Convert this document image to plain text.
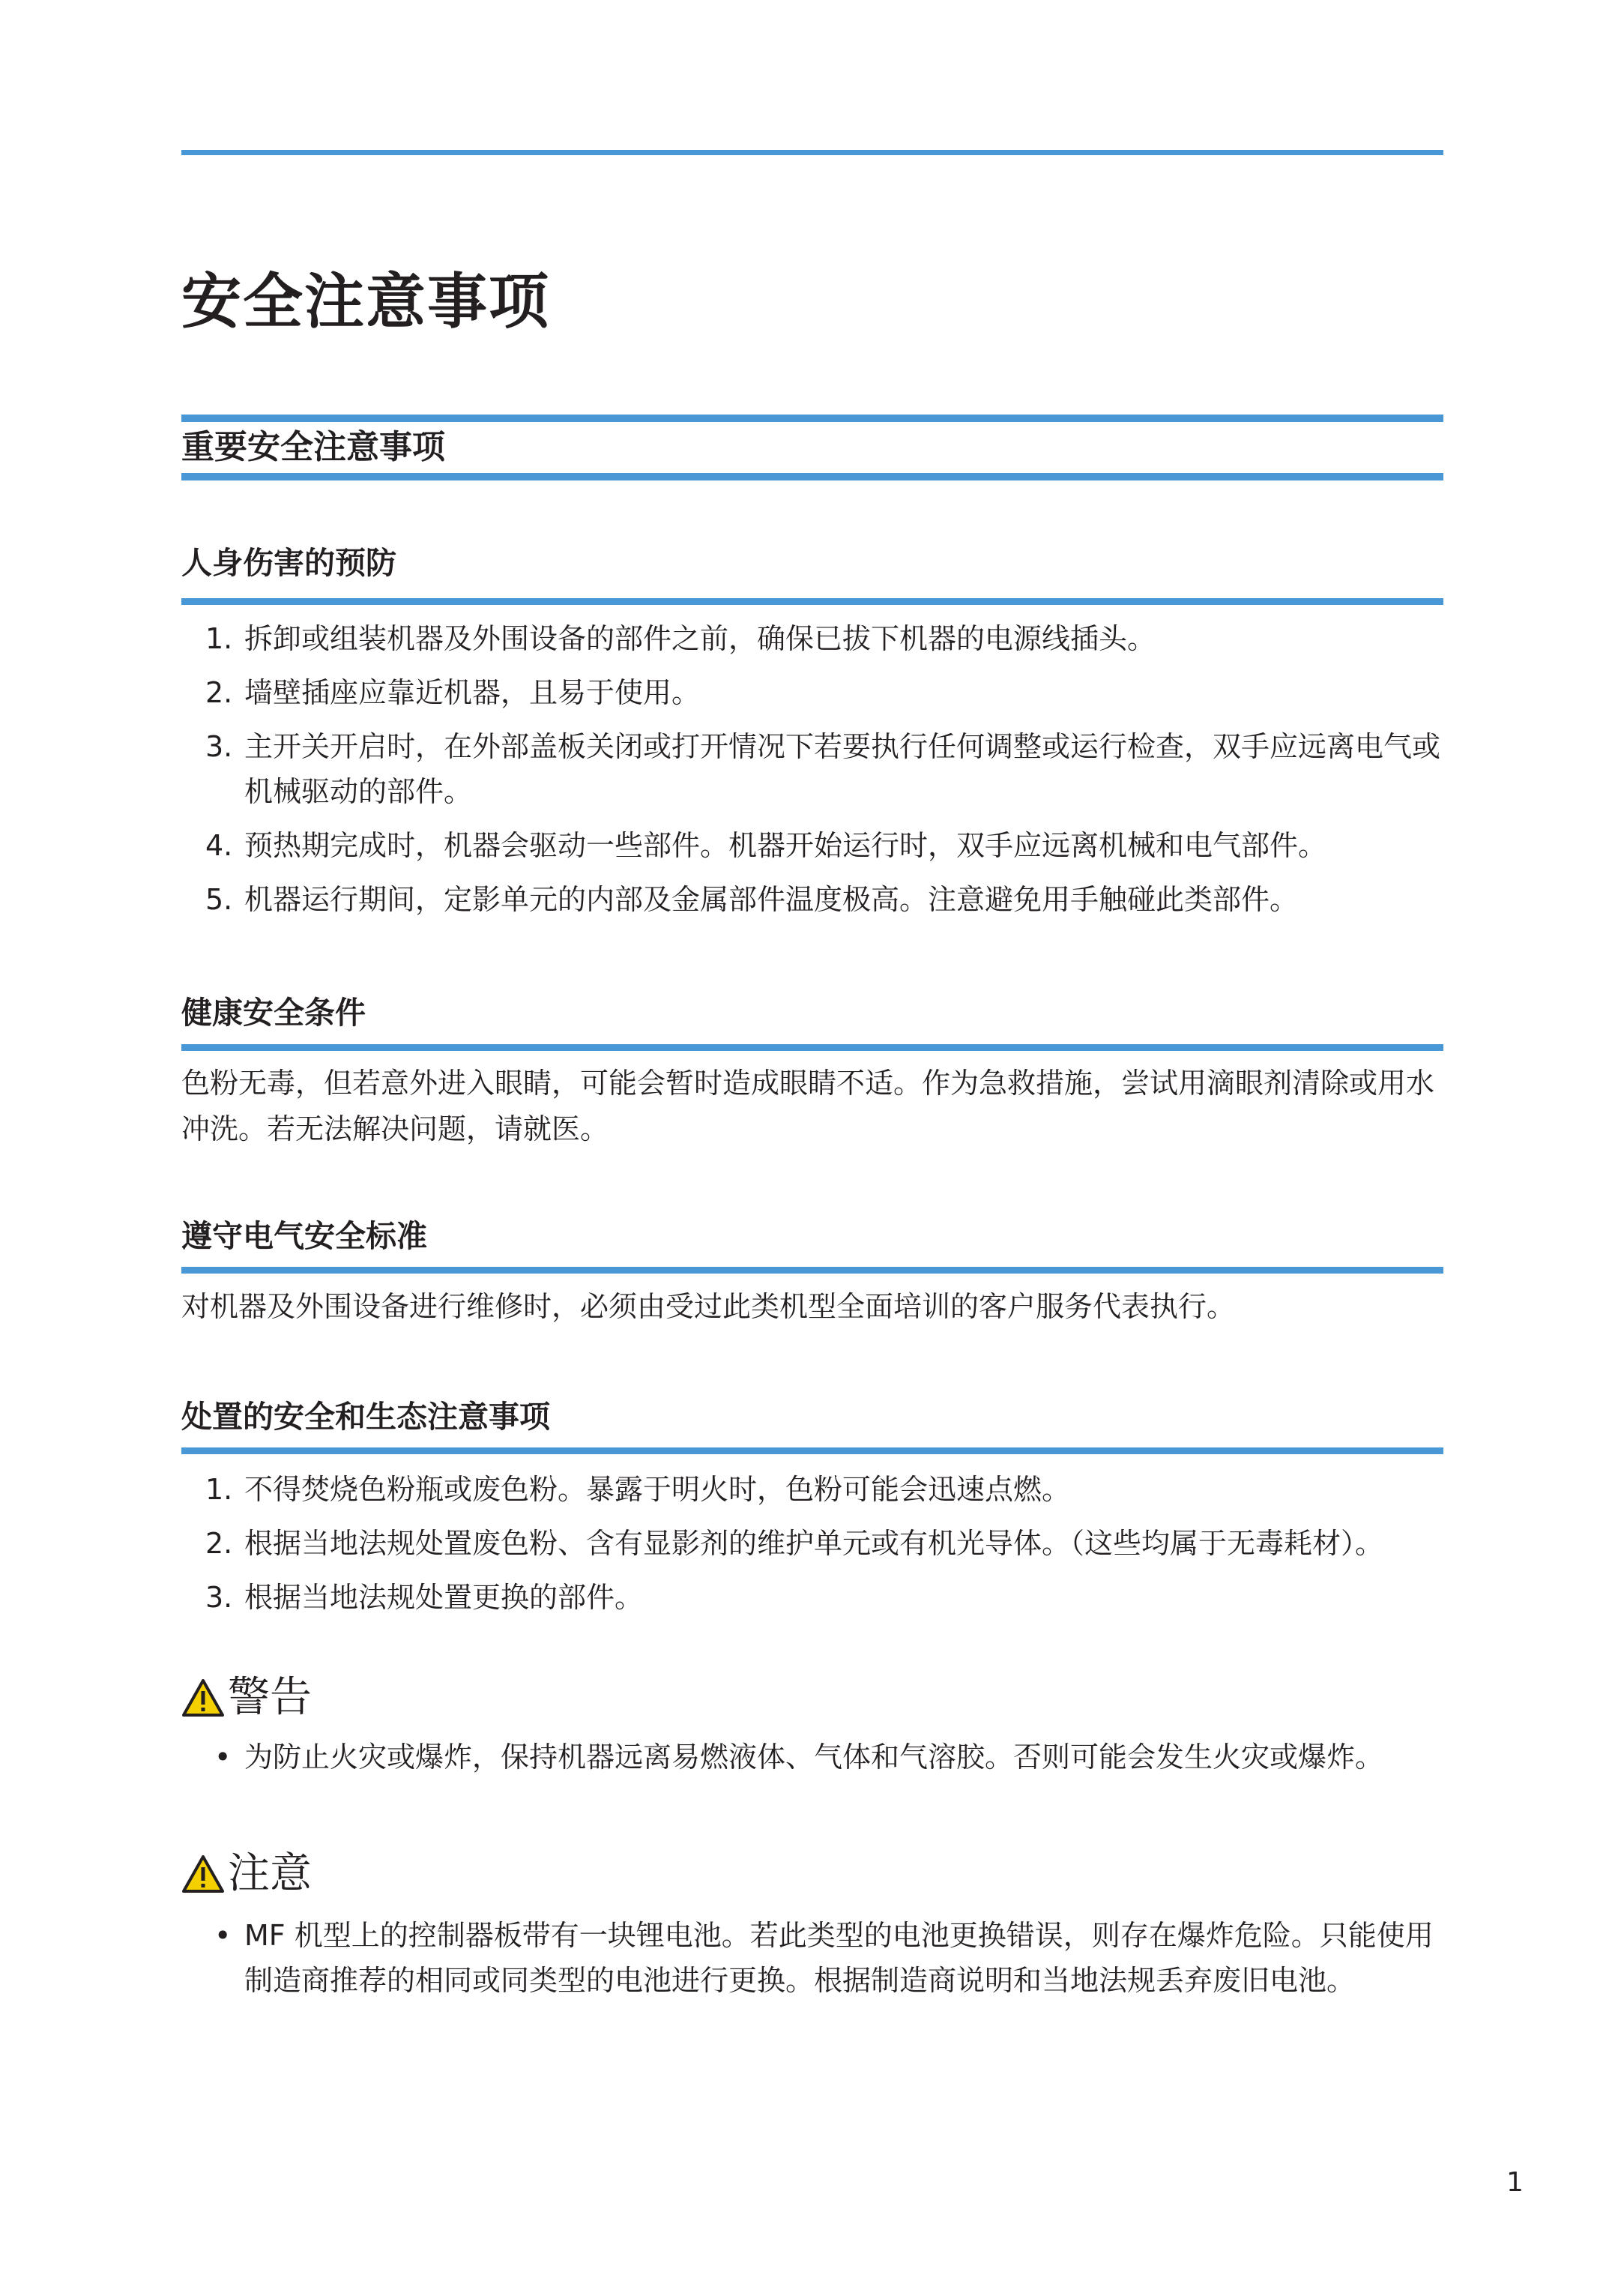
安全注意事项
重要安全注意事项
人身伤害的预防
1. 拆卸或组装机器及外围设备的部件之前，确保已拔下机器的电源线插头。
2. 墙壁插座应靠近机器，且易于使用。
3. 主开关开启时，在外部盖板关闭或打开情况下若要执行任何调整或运行检查，双手应远离电气或机械驱动的部件。
4. 预热期完成时，机器会驱动一些部件。机器开始运行时，双手应远离机械和电气部件。
5. 机器运行期间，定影单元的内部及金属部件温度极高。注意避免用手触碰此类部件。
健康安全条件

色粉无毒，但若意外进入眼睛，可能会暂时造成眼睛不适。作为急救措施，尝试用滴眼剂清除或用水冲洗。若无法解决问题，请就医。

遵守电气安全标准

对机器及外围设备进行维修时，必须由受过此类机型全面培训的客户服务代表执行。

处置的安全和生态注意事项
1. 不得焚烧色粉瓶或废色粉。暴露于明火时，色粉可能会迅速点燃。
2. 根据当地法规处置废色粉、含有显影剂的维护单元或有机光导体。（这些均属于无毒耗材）。
3. 根据当地法规处置更换的部件。
警告
• 为防止火灾或爆炸，保持机器远离易燃液体、气体和气溶胶。否则可能会发生火灾或爆炸。
注意
• MF 机型上的控制器板带有一块锂电池。若此类型的电池更换错误，则存在爆炸危险。只能使用制造商推荐的相同或同类型的电池进行更换。根据制造商说明和当地法规丢弃废旧电池。
1
